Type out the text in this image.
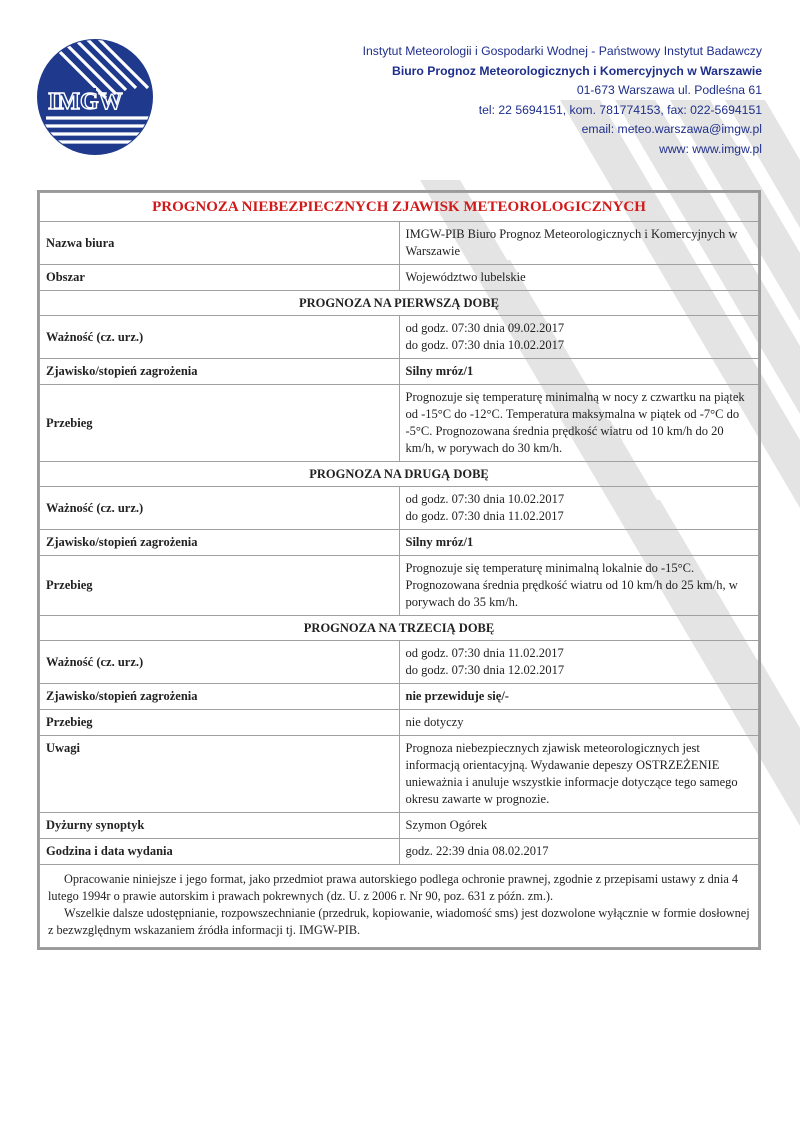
IMGW
Instytut Meteorologii i Gospodarki Wodnej - Państwowy Instytut Badawczy
Biuro Prognoz Meteorologicznych i Komercyjnych w Warszawie
01-673 Warszawa ul. Podleśna 61
tel: 22 5694151, kom. 781774153, fax: 022-5694151
email: meteo.warszawa@imgw.pl
www: www.imgw.pl
PROGNOZA NIEBEZPIECZNYCH ZJAWISK METEOROLOGICZNYCH	
Nazwa biura	IMGW-PIB Biuro Prognoz Meteorologicznych i Komercyjnych w Warszawie
Obszar	Województwo lubelskie
PROGNOZA NA PIERWSZĄ DOBĘ	
Ważność (cz. urz.)	od godz. 07:30 dnia 09.02.2017
do godz. 07:30 dnia 10.02.2017

Zjawisko/stopień zagrożenia	Silny mróz/1
Przebieg	Prognozuje się temperaturę minimalną w nocy z czwartku na piątek od -15°C do -12°C. Temperatura maksymalna w piątek od -7°C do -5°C. Prognozowana średnia prędkość wiatru od 10 km/h do 20 km/h, w porywach do 30 km/h.
PROGNOZA NA DRUGĄ DOBĘ	
Ważność (cz. urz.)	od godz. 07:30 dnia 10.02.2017
do godz. 07:30 dnia 11.02.2017

Zjawisko/stopień zagrożenia	Silny mróz/1
Przebieg	Prognozuje się temperaturę minimalną lokalnie do -15°C. Prognozowana średnia prędkość wiatru od 10 km/h do 25 km/h, w porywach do 35 km/h.
PROGNOZA NA TRZECIĄ DOBĘ	
Ważność (cz. urz.)	od godz. 07:30 dnia 11.02.2017
do godz. 07:30 dnia 12.02.2017

Zjawisko/stopień zagrożenia	nie przewiduje się/-
Przebieg	nie dotyczy
Uwagi	Prognoza niebezpiecznych zjawisk meteorologicznych jest informacją orientacyjną. Wydawanie depeszy OSTRZEŻENIE unieważnia i anuluje wszystkie informacje dotyczące tego samego okresu zawarte w prognozie.
Dyżurny synoptyk	Szymon Ogórek
Godzina i data wydania	godz. 22:39 dnia 08.02.2017

Opracowanie niniejsze i jego format, jako przedmiot prawa autorskiego podlega ochronie prawnej, zgodnie z przepisami ustawy z dnia 4 lutego 1994r o prawie autorskim i prawach pokrewnych (dz. U. z 2006 r. Nr 90, poz. 631 z późn. zm.).

Wszelkie dalsze udostępnianie, rozpowszechnianie (przedruk, kopiowanie, wiadomość sms) jest dozwolone wyłącznie w formie dosłownej z bezwzględnym wskazaniem źródła informacji tj. IMGW-PIB.	
